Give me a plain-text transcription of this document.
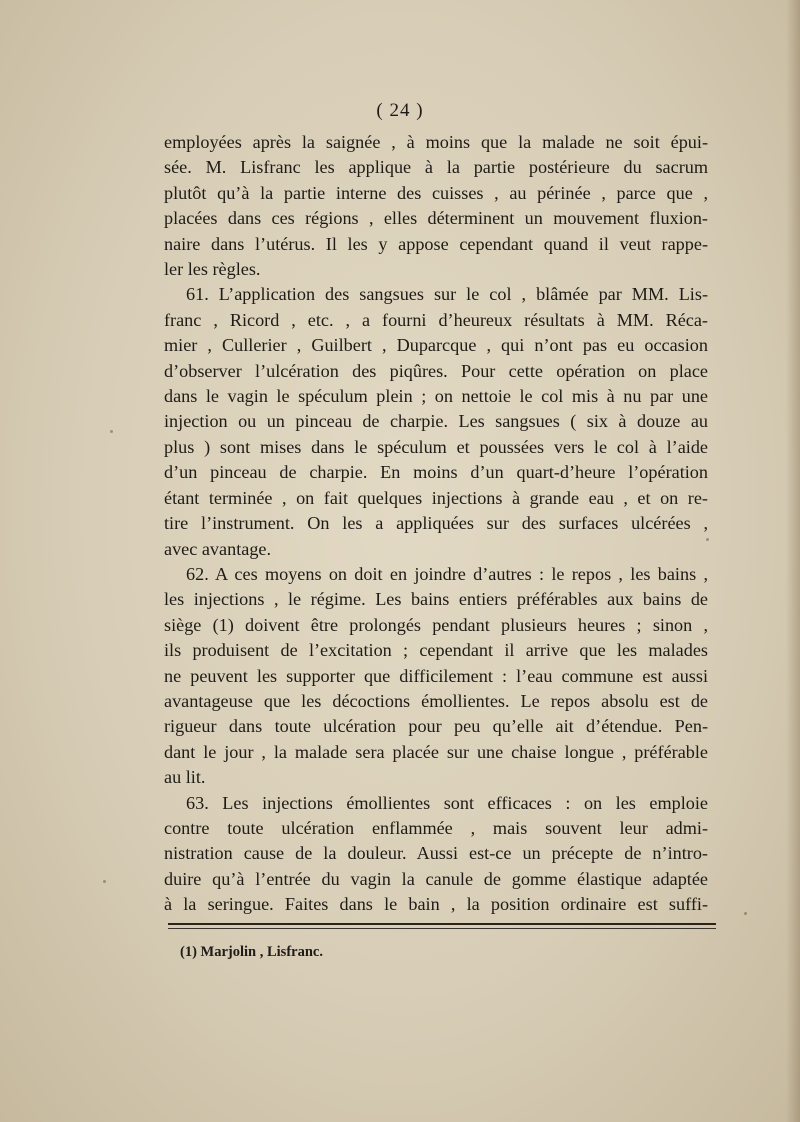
( 24 )
employées après la saignée , à moins que la malade ne soit épui-
sée. M. Lisfranc les applique à la partie postérieure du sacrum
plutôt qu’à la partie interne des cuisses , au périnée , parce que ,
placées dans ces régions , elles déterminent un mouvement fluxion-
naire dans l’utérus. Il les y appose cependant quand il veut rappe-
ler les règles.
61. L’application des sangsues sur le col , blâmée par MM. Lis-
franc , Ricord , etc. , a fourni d’heureux résultats à MM. Réca-
mier , Cullerier , Guilbert , Duparcque , qui n’ont pas eu occasion
d’observer l’ulcération des piqûres. Pour cette opération on place
dans le vagin le spéculum plein ; on nettoie le col mis à nu par une
injection ou un pinceau de charpie. Les sangsues ( six à douze au
plus ) sont mises dans le spéculum et poussées vers le col à l’aide
d’un pinceau de charpie. En moins d’un quart-d’heure l’opération
étant terminée , on fait quelques injections à grande eau , et on re-
tire l’instrument. On les a appliquées sur des surfaces ulcérées ,
avec avantage.
62. A ces moyens on doit en joindre d’autres : le repos , les bains ,
les injections , le régime. Les bains entiers préférables aux bains de
siège (1) doivent être prolongés pendant plusieurs heures ; sinon ,
ils produisent de l’excitation ; cependant il arrive que les malades
ne peuvent les supporter que difficilement : l’eau commune est aussi
avantageuse que les décoctions émollientes. Le repos absolu est de
rigueur dans toute ulcération pour peu qu’elle ait d’étendue. Pen-
dant le jour , la malade sera placée sur une chaise longue , préférable
au lit.
63. Les injections émollientes sont efficaces : on les emploie
contre toute ulcération enflammée , mais souvent leur admi-
nistration cause de la douleur. Aussi est-ce un précepte de n’intro-
duire qu’à l’entrée du vagin la canule de gomme élastique adaptée
à la seringue. Faites dans le bain , la position ordinaire est suffi-
(1) Marjolin , Lisfranc.
